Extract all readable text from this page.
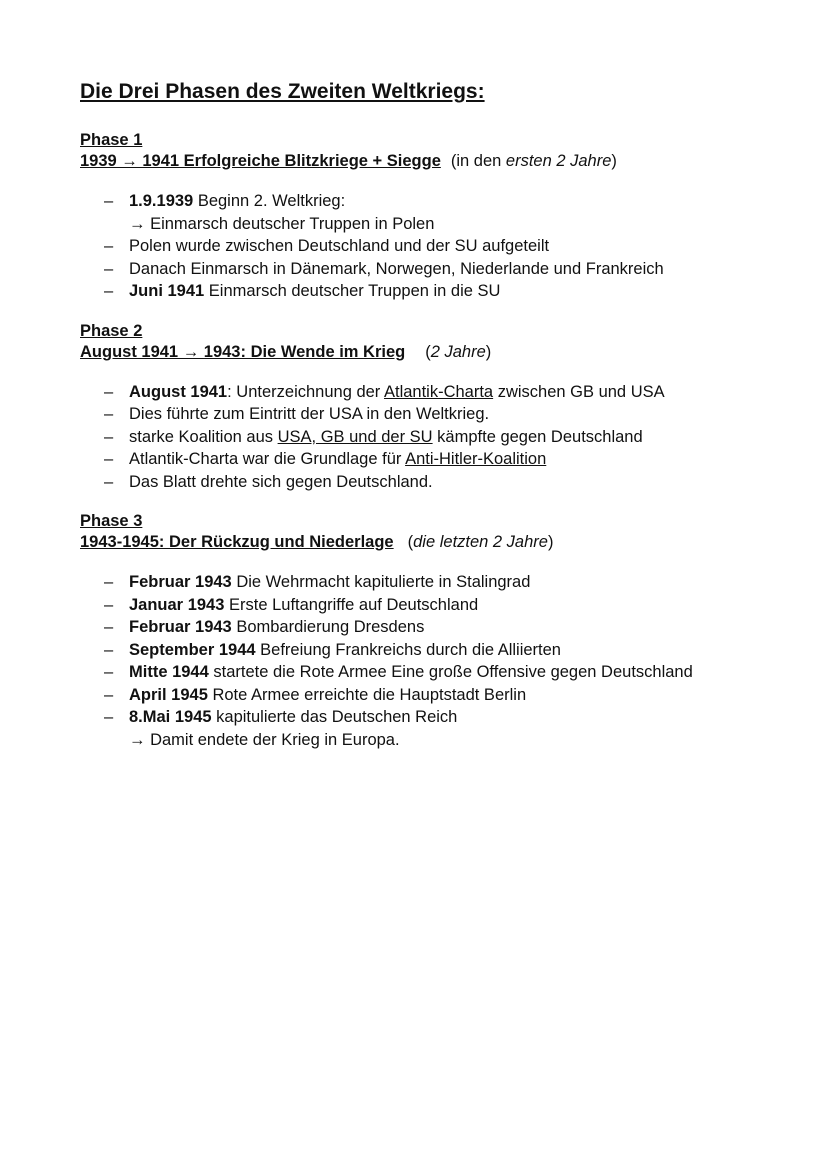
Die Drei Phasen des Zweiten Weltkriegs:
Phase 1
1939 → 1941 Erfolgreiche Blitzkriege + Siegge (in den ersten 2 Jahre)
– 1.9.1939 Beginn 2. Weltkrieg:
→ Einmarsch deutscher Truppen in Polen
– Polen wurde zwischen Deutschland und der SU aufgeteilt
– Danach Einmarsch in Dänemark, Norwegen, Niederlande und Frankreich
– Juni 1941 Einmarsch deutscher Truppen in die SU
Phase 2
August 1941 → 1943: Die Wende im Krieg (2 Jahre)
– August 1941: Unterzeichnung der Atlantik-Charta zwischen GB und USA
– Dies führte zum Eintritt der USA in den Weltkrieg.
– starke Koalition aus USA, GB und der SU kämpfte gegen Deutschland
– Atlantik-Charta war die Grundlage für Anti-Hitler-Koalition
– Das Blatt drehte sich gegen Deutschland.
Phase 3
1943-1945: Der Rückzug und Niederlage (die letzten 2 Jahre)
– Februar 1943 Die Wehrmacht kapitulierte in Stalingrad
– Januar 1943 Erste Luftangriffe auf Deutschland
– Februar 1943 Bombardierung Dresdens
– September 1944 Befreiung Frankreichs durch die Alliierten
– Mitte 1944 startete die Rote Armee Eine große Offensive gegen Deutschland
– April 1945 Rote Armee erreichte die Hauptstadt Berlin
– 8.Mai 1945 kapitulierte das Deutschen Reich
→ Damit endete der Krieg in Europa.
